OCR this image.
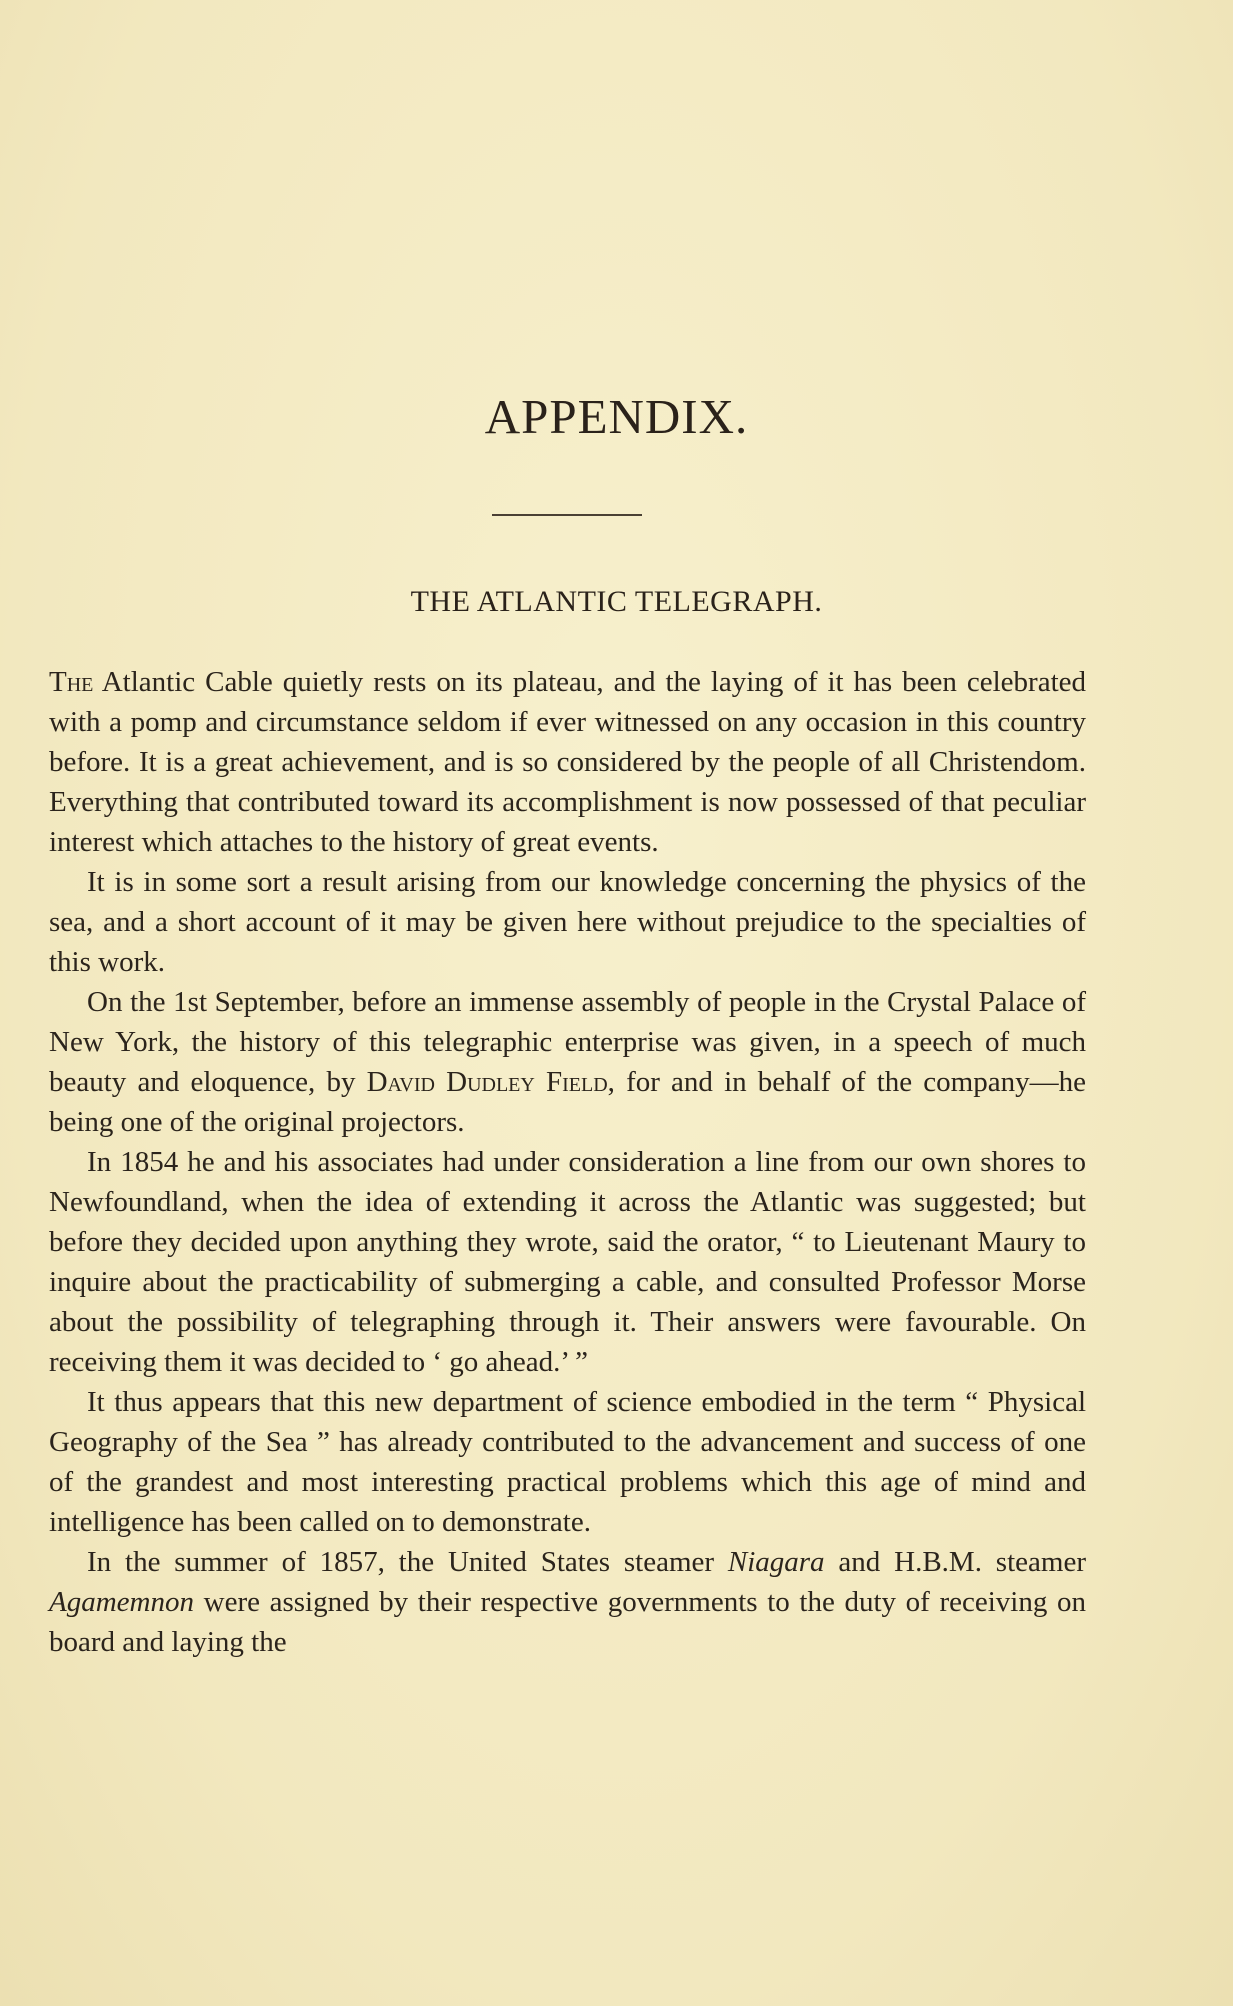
APPENDIX.
THE ATLANTIC TELEGRAPH.

The Atlantic Cable quietly rests on its plateau, and the laying of it has been celebrated with a pomp and circumstance seldom if ever witnessed on any occasion in this country before. It is a great achievement, and is so considered by the people of all Christendom. Everything that contributed toward its accomplishment is now possessed of that peculiar interest which attaches to the history of great events.

It is in some sort a result arising from our knowledge concerning the physics of the sea, and a short account of it may be given here without prejudice to the specialties of this work.

On the 1st September, before an immense assembly of people in the Crystal Palace of New York, the history of this telegraphic enterprise was given, in a speech of much beauty and eloquence, by David Dudley Field, for and in behalf of the company—he being one of the original projectors.

In 1854 he and his associates had under consideration a line from our own shores to Newfoundland, when the idea of extending it across the Atlantic was suggested; but before they decided upon anything they wrote, said the orator, “ to Lieutenant Maury to inquire about the practicability of submerging a cable, and consulted Professor Morse about the possibility of telegraphing through it. Their answers were favourable. On receiving them it was decided to ‘ go ahead.’ ”

It thus appears that this new department of science embodied in the term “ Physical Geography of the Sea ” has already contributed to the advancement and success of one of the grandest and most interesting practical problems which this age of mind and intelligence has been called on to demonstrate.

In the summer of 1857, the United States steamer Niagara and H.B.M. steamer Agamemnon were assigned by their respective governments to the duty of receiving on board and laying the
